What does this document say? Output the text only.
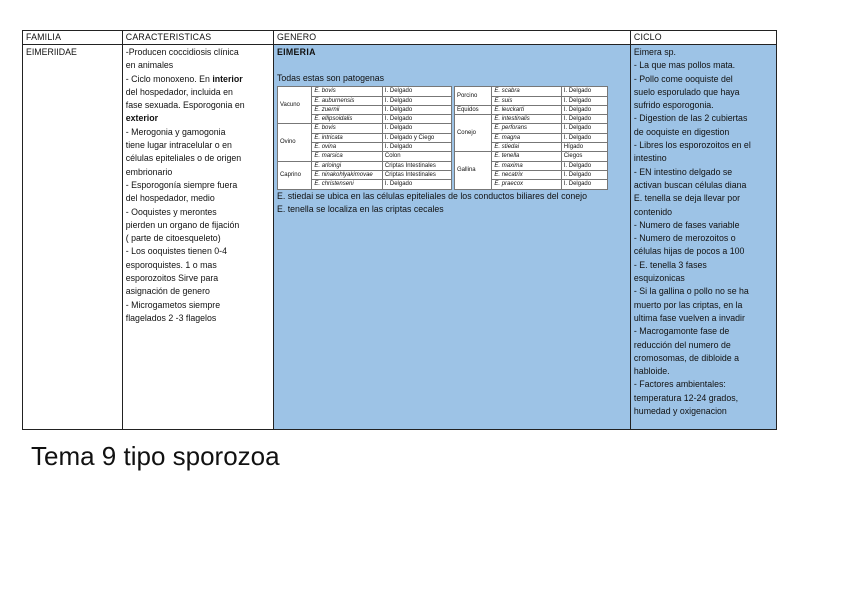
FAMILIA	CARACTERISTICAS	GENERO	CICLO
EIMERIIDAE	-Producen coccidiosis clínica
en animales
- Ciclo monoxeno. En interior
del hospedador, incluida en
fase sexuada. Esporogonia en
exterior
- Merogonia y gamogonia
tiene lugar intracelular o en
células epiteliales o de origen
embrionario
- Esporogonía siempre fuera
del hospedador, medio
- Ooquistes y merontes
pierden un organo de fijación
( parte de citoesqueleto)
- Los ooquistes tienen 0-4
esporoquistes. 1 o mas
esporozoitos Sirve para
asignación de genero
- Microgametos siempre
flagelados 2 -3 flagelos

EIMERIA
Todas estas son patogenas
Vacuno	E. bovis	I. Delgado
E. auburnensis	I. Delgado
E. zuernii	I. Delgado
E. ellipsoidalis	I. Delgado
Ovino	E. bovis	I. Delgado
E. intricata	I. Delgado y Ciego
E. ovina	I. Delgado
E. marsica	Colon
Caprino	E. arloingi	Criptas Intestinales
E. ninakohlyakimovae	Criptas Intestinales
E. christenseni	I. Delgado
Porcino	E. scabra	I. Delgado
E. suis	I. Delgado
Equidos	E. leuckarti	I. Delgado
Conejo	E. intestinalis	I. Delgado
E. perforans	I. Delgado
E. magna	I. Delgado
E. stiedai	Hígado
Gallina	E. tenella	Ciegos
E. maxima	I. Delgado
E. necatrix	I. Delgado
E. praecox	I. Delgado
E. stiedai se ubica en las células epiteliales de los conductos biliares del conejo
E. tenella se localiza en las criptas cecales

Eimera sp.
- La que mas pollos mata.
- Pollo come ooquiste del
suelo esporulado que haya
sufrido esporogonia.
- Digestion de las 2 cubiertas
de ooquiste en digestion
- Libres los esporozoitos en el
intestino
- EN intestino delgado se
activan buscan células diana
E. tenella se deja llevar por
contenido
- Numero de fases variable
- Numero de merozoitos o
células hijas de pocos a 100
- E. tenella 3 fases
esquizonicas
- Si la gallina o pollo no se ha
muerto por las criptas, en la
ultima fase vuelven a invadir
- Macrogamonte fase de
reducción del numero de
cromosomas, de dibloide a
habloide.
- Factores ambientales:
temperatura 12-24 grados,
humedad y oxigenacion
Tema 9 tipo sporozoa
